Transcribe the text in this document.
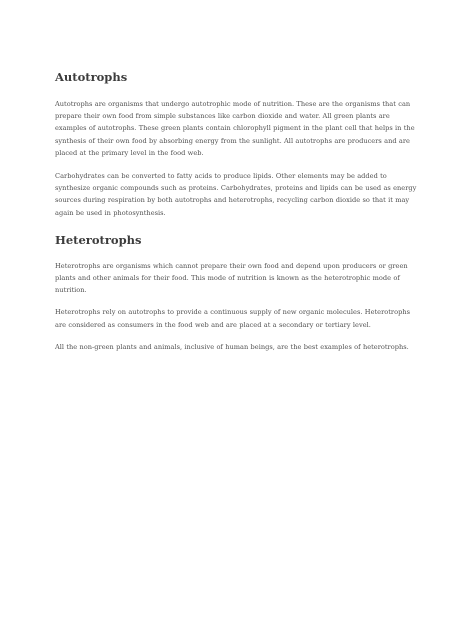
Autotrophs

Autotrophs are organisms that undergo autotrophic mode of nutrition. These are the organisms that can prepare their own food from simple substances like carbon dioxide and water. All green plants are examples of autotrophs. These green plants contain chlorophyll pigment in the plant cell that helps in the synthesis of their own food by absorbing energy from the sunlight. All autotrophs are producers and are placed at the primary level in the food web.

Carbohydrates can be converted to fatty acids to produce lipids. Other elements may be added to synthesize organic compounds such as proteins. Carbohydrates, proteins and lipids can be used as energy sources during respiration by both autotrophs and heterotrophs, recycling carbon dioxide so that it may again be used in photosynthesis.

Heterotrophs

Heterotrophs are organisms which cannot prepare their own food and depend upon producers or green plants and other animals for their food. This mode of nutrition is known as the heterotrophic mode of nutrition.

Heterotrophs rely on autotrophs to provide a continuous supply of new organic molecules. Heterotrophs are considered as consumers in the food web and are placed at a secondary or tertiary level.

All the non-green plants and animals, inclusive of human beings, are the best examples of heterotrophs.
